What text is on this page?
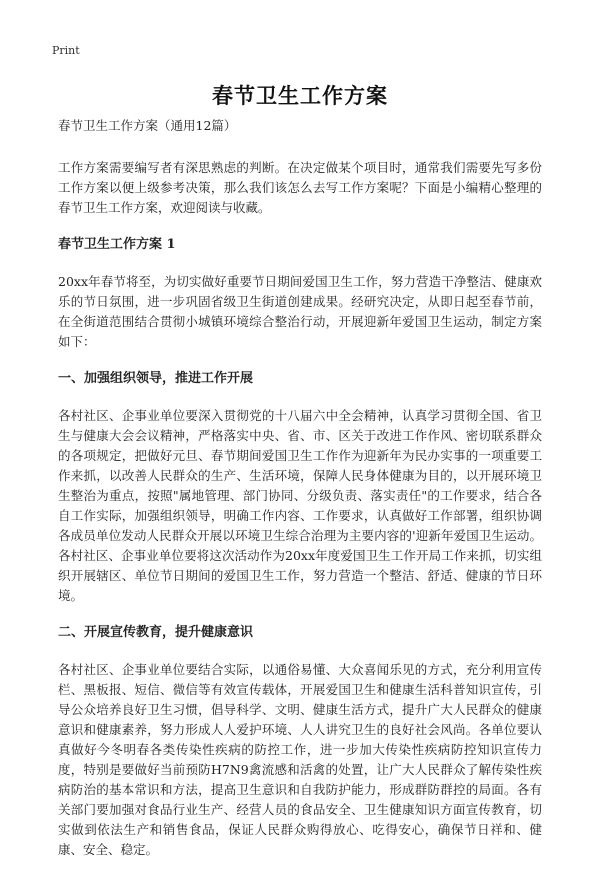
Print
春节卫生工作方案

春节卫生工作方案（通用12篇）

工作方案需要编写者有深思熟虑的判断。在决定做某个项目时，通常我们需要先写多份工作方案以便上级参考决策，那么我们该怎么去写工作方案呢？下面是小编精心整理的春节卫生工作方案，欢迎阅读与收藏。

春节卫生工作方案 1

20xx年春节将至，为切实做好重要节日期间爱国卫生工作，努力营造干净整洁、健康欢乐的节日氛围，进一步巩固省级卫生街道创建成果。经研究决定，从即日起至春节前，在全街道范围结合贯彻小城镇环境综合整治行动，开展迎新年爱国卫生运动，制定方案如下：

一、加强组织领导，推进工作开展

各村社区、企事业单位要深入贯彻党的十八届六中全会精神，认真学习贯彻全国、省卫生与健康大会会议精神，严格落实中央、省、市、区关于改进工作作风、密切联系群众的各项规定，把做好元旦、春节期间爱国卫生工作作为迎新年为民办实事的一项重要工作来抓，以改善人民群众的生产、生活环境，保障人民身体健康为目的，以开展环境卫生整治为重点，按照"属地管理、部门协同、分级负责、落实责任"的工作要求，结合各自工作实际，加强组织领导，明确工作内容、工作要求，认真做好工作部署，组织协调各成员单位发动人民群众开展以环境卫生综合治理为主要内容的'迎新年爱国卫生运动。各村社区、企事业单位要将这次活动作为20xx年度爱国卫生工作开局工作来抓，切实组织开展辖区、单位节日期间的爱国卫生工作，努力营造一个整洁、舒适、健康的节日环境。

二、开展宣传教育，提升健康意识

各村社区、企事业单位要结合实际，以通俗易懂、大众喜闻乐见的方式，充分利用宣传栏、黑板报、短信、微信等有效宣传载体，开展爱国卫生和健康生活科普知识宣传，引导公众培养良好卫生习惯，倡导科学、文明、健康生活方式，提升广大人民群众的健康意识和健康素养，努力形成人人爱护环境、人人讲究卫生的良好社会风尚。各单位要认真做好今冬明春各类传染性疾病的防控工作，进一步加大传染性疾病防控知识宣传力度，特别是要做好当前预防H7N9禽流感和活禽的处置，让广大人民群众了解传染性疾病防治的基本常识和方法，提高卫生意识和自我防护能力，形成群防群控的局面。各有关部门要加强对食品行业生产、经营人员的食品安全、卫生健康知识方面宣传教育，切实做到依法生产和销售食品，保证人民群众购得放心、吃得安心，确保节日祥和、健康、安全、稳定。
